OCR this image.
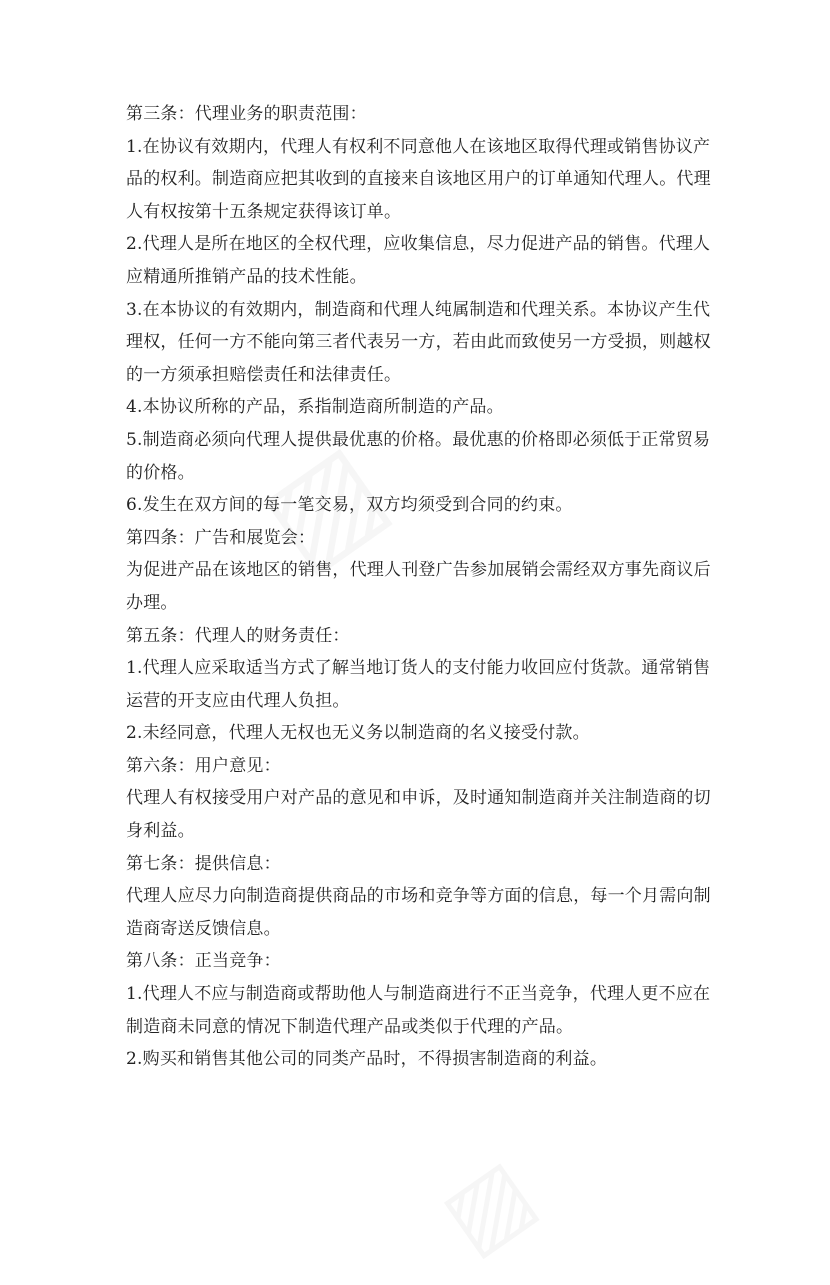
第三条：代理业务的职责范围：

1.在协议有效期内，代理人有权利不同意他人在该地区取得代理或销售协议产品的权利。制造商应把其收到的直接来自该地区用户的订单通知代理人。代理人有权按第十五条规定获得该订单。

2.代理人是所在地区的全权代理，应收集信息，尽力促进产品的销售。代理人应精通所推销产品的技术性能。

3.在本协议的有效期内，制造商和代理人纯属制造和代理关系。本协议产生代理权，任何一方不能向第三者代表另一方，若由此而致使另一方受损，则越权的一方须承担赔偿责任和法律责任。

4.本协议所称的产品，系指制造商所制造的产品。

5.制造商必须向代理人提供最优惠的价格。最优惠的价格即必须低于正常贸易的价格。

6.发生在双方间的每一笔交易，双方均须受到合同的约束。

第四条：广告和展览会：

为促进产品在该地区的销售，代理人刊登广告参加展销会需经双方事先商议后办理。

第五条：代理人的财务责任：

1.代理人应采取适当方式了解当地订货人的支付能力收回应付货款。通常销售运营的开支应由代理人负担。

2.未经同意，代理人无权也无义务以制造商的名义接受付款。

第六条：用户意见：

代理人有权接受用户对产品的意见和申诉，及时通知制造商并关注制造商的切身利益。

第七条：提供信息：

代理人应尽力向制造商提供商品的市场和竞争等方面的信息，每一个月需向制造商寄送反馈信息。

第八条：正当竞争：

1.代理人不应与制造商或帮助他人与制造商进行不正当竞争，代理人更不应在制造商未同意的情况下制造代理产品或类似于代理的产品。

2.购买和销售其他公司的同类产品时，不得损害制造商的利益。
